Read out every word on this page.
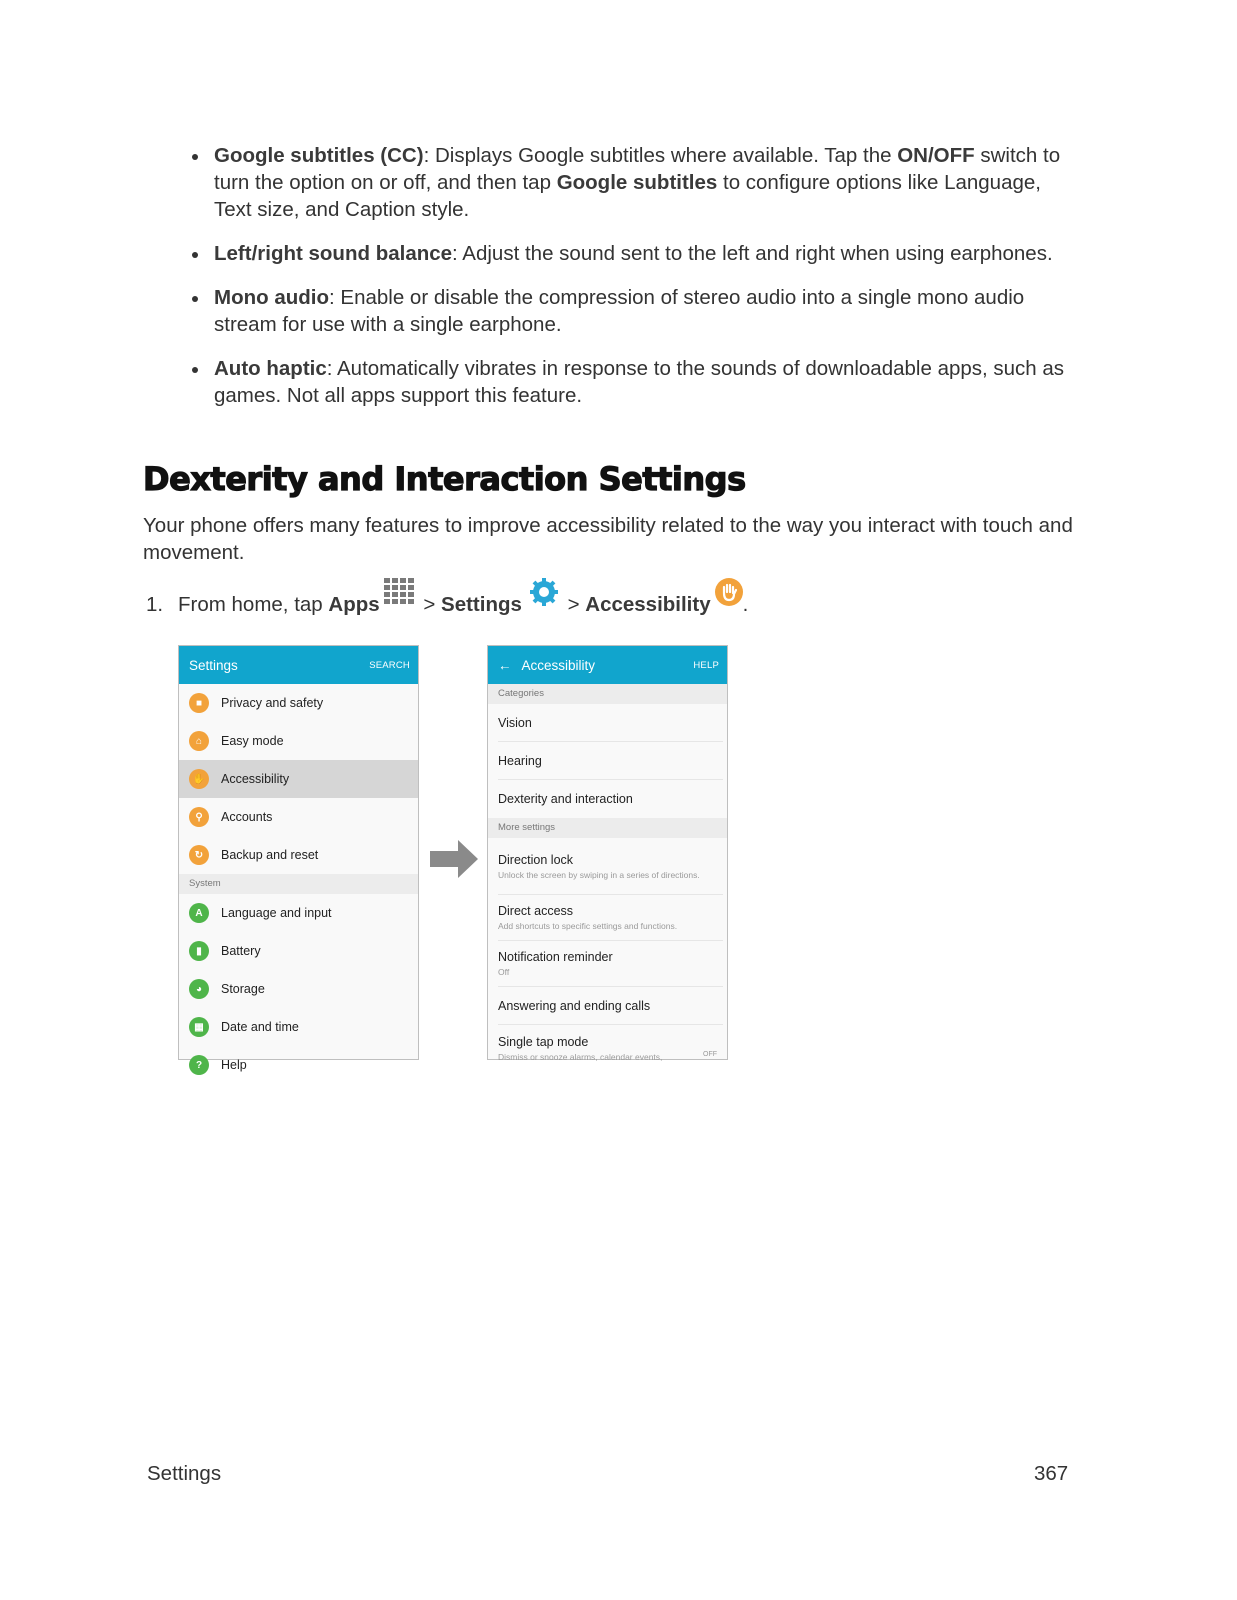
Google subtitles (CC): Displays Google subtitles where available. Tap the ON/OFF switch to turn the option on or off, and then tap Google subtitles to configure options like Language, Text size, and Caption style.
Left/right sound balance: Adjust the sound sent to the left and right when using earphones.
Mono audio: Enable or disable the compression of stereo audio into a single mono audio stream for use with a single earphone.
Auto haptic: Automatically vibrates in response to the sounds of downloadable apps, such as games. Not all apps support this feature.
Dexterity and Interaction Settings

Your phone offers many features to improve accessibility related to the way you interact with touch and movement.

1. From home, tap Apps > Settings > Accessibility .
Settings	SEARCH
■	Privacy and safety
⌂	Easy mode
✋	Accessibility
⚲	Accounts
↻	Backup and reset
System
A	Language and input
▮	Battery
◕	Storage
▦	Date and time
?	Help
← Accessibility	HELP
Categories
Vision
Hearing
Dexterity and interaction
More settings
Direction lock
Unlock the screen by swiping in a series of directions.
Direct access
Add shortcuts to specific settings and functions.
Notification reminder
Off
Answering and ending calls
Single tap mode
Dismiss or snooze alarms, calendar events,	OFF
Settings	367
